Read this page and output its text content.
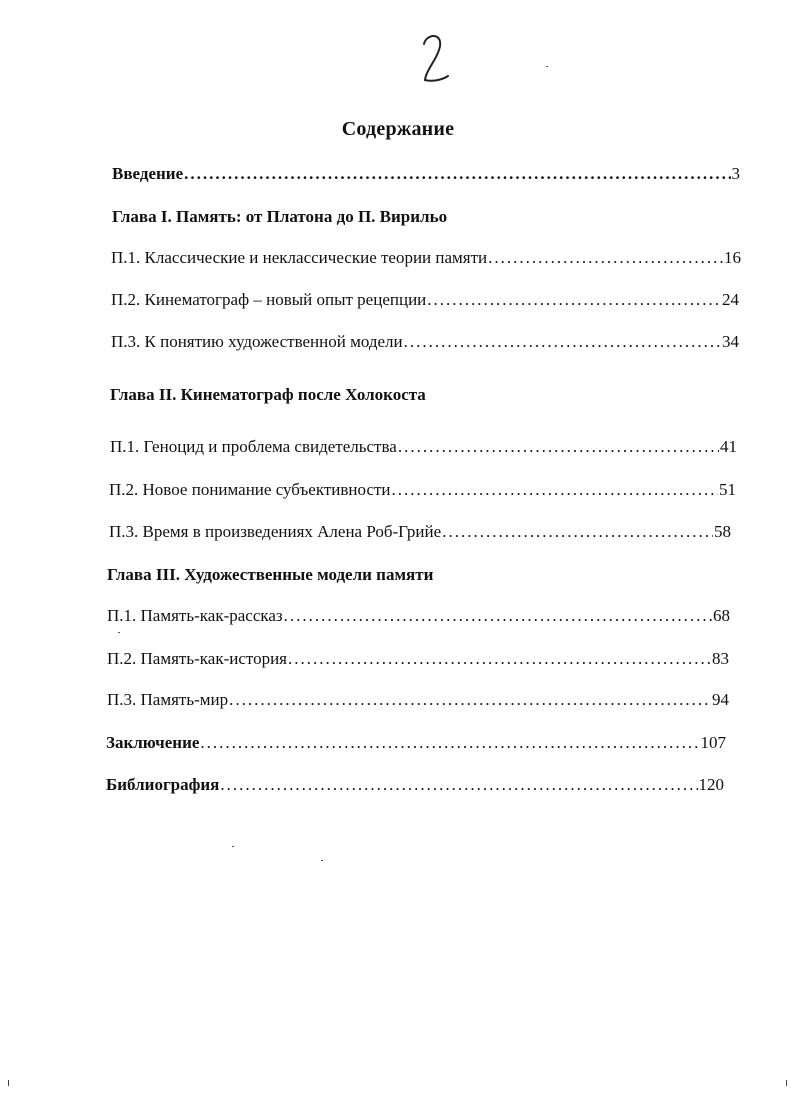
Содержание
Введение .....	3
Глава I. Память: от Платона до П. Вирильо
П.1. Классические и неклассические теории памяти .....	16
П.2. Кинематограф – новый опыт рецепции .....	24
П.3. К понятию художественной модели .....	34
Глава II. Кинематограф после Холокоста
П.1. Геноцид и проблема свидетельства .....	41
П.2. Новое понимание субъективности .....	51
П.3. Время в произведениях Алена Роб-Грийе .....	58
Глава III. Художественные модели памяти
П.1. Память-как-рассказ .....	68
П.2. Память-как-история .....	83
П.3. Память-мир .....	94
Заключение .....	107
Библиография .....	120
